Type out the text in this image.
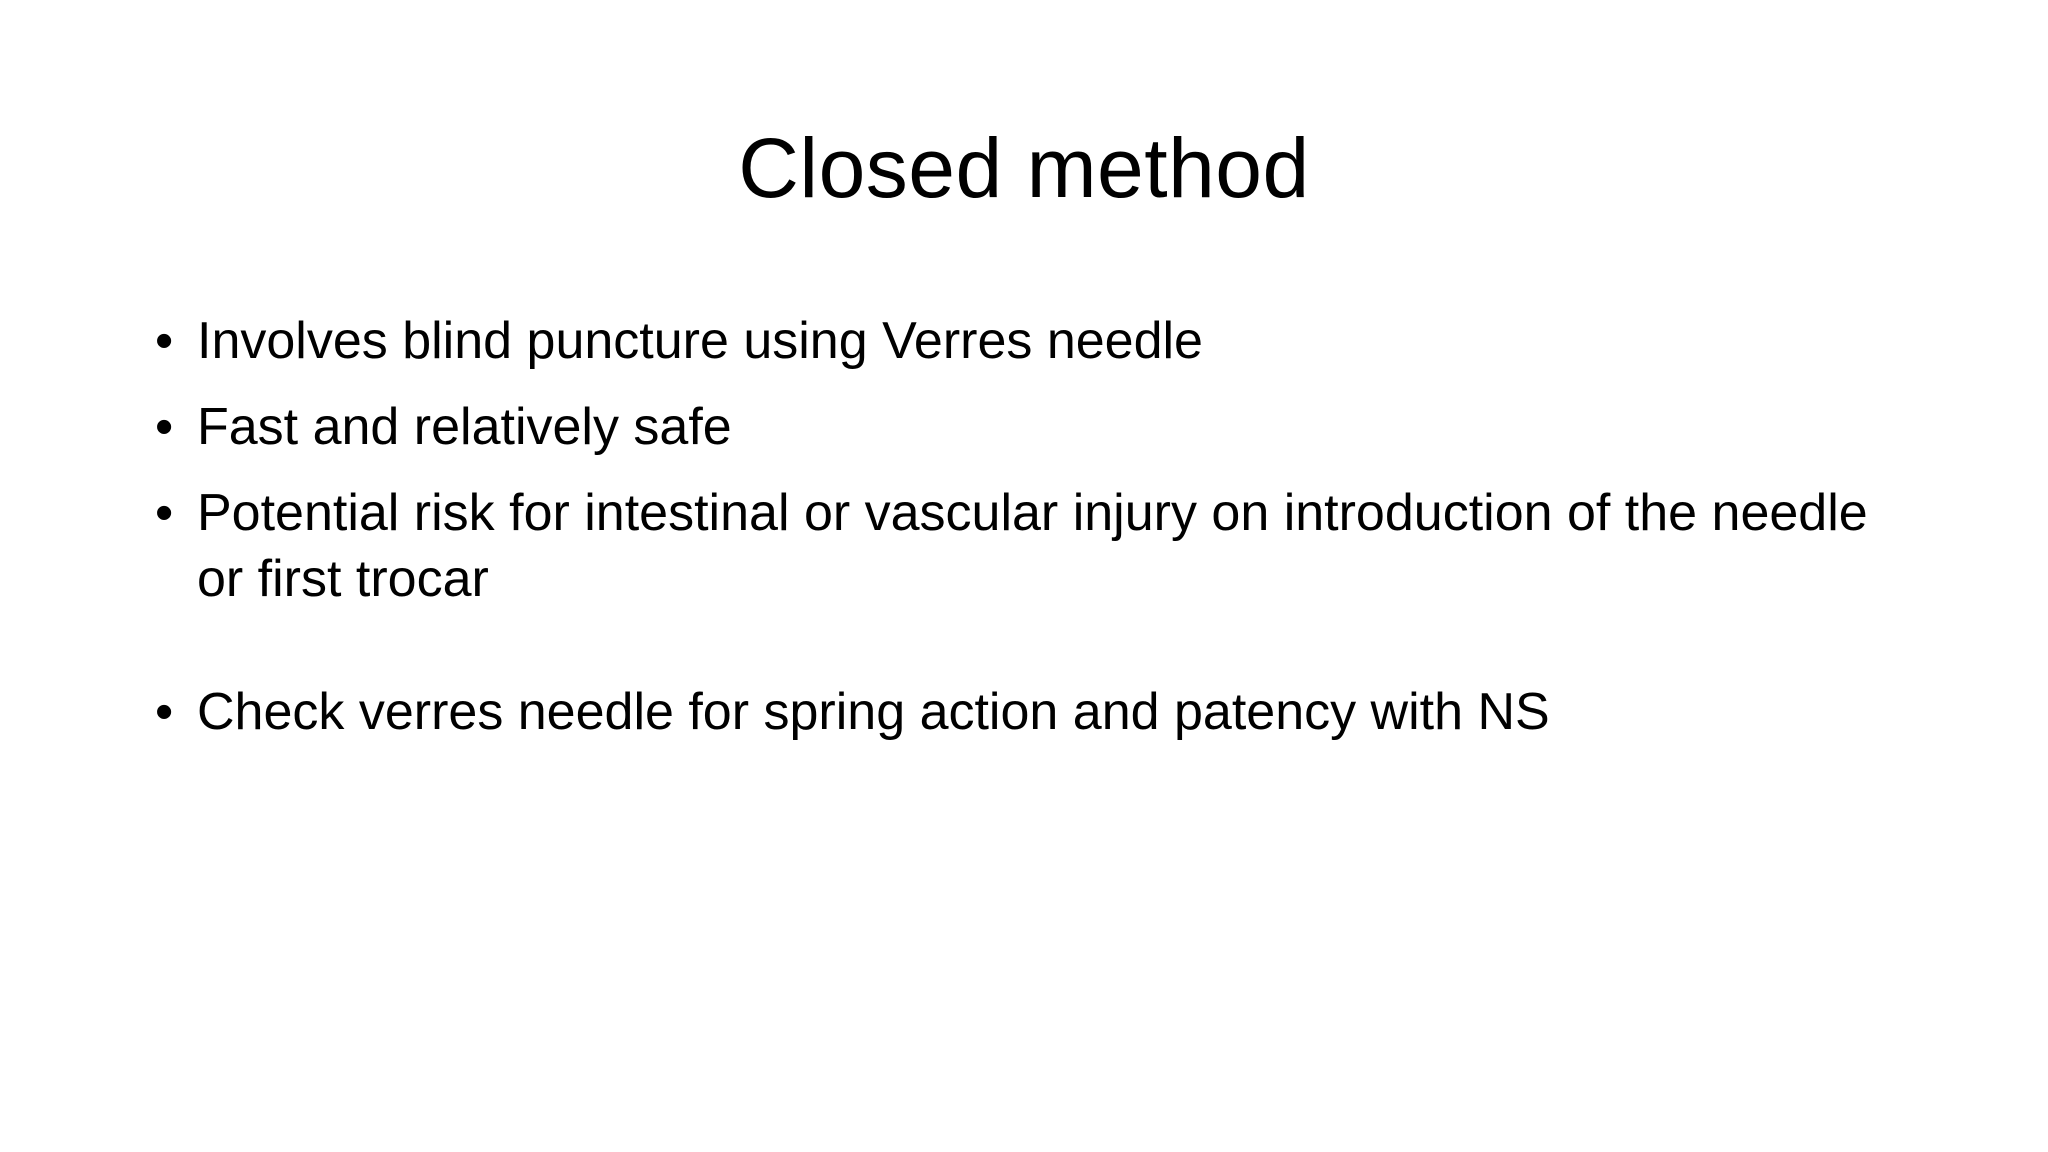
Closed method
• Involves blind puncture using Verres needle
• Fast and relatively safe
• Potential risk for intestinal or vascular injury on introduction of the needle or first trocar
• Check verres needle for spring action and patency with NS
